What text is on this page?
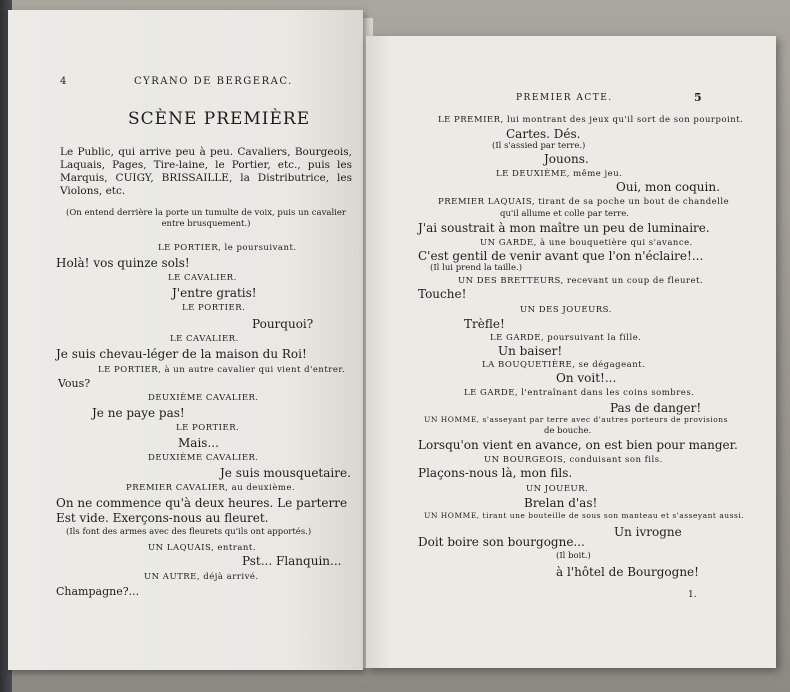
4	CYRANO DE BERGERAC.
SCÈNE PREMIÈRE
Le Public, qui arrive peu à peu. Cavaliers, Bourgeois, Laquais, Pages, Tire-laine, le Portier, etc., puis les Marquis, CUIGY, BRISSAILLE, la Distributrice, les Violons, etc.
(On entend derrière la porte un tumulte de voix, puis un cavalier entre brusquement.)
LE PORTIER, le poursuivant.
Holà! vos quinze sols!
LE CAVALIER.
J'entre gratis!
LE PORTIER.
Pourquoi?
LE CAVALIER.
Je suis chevau-léger de la maison du Roi!
LE PORTIER, à un autre cavalier qui vient d'entrer.
Vous?
DEUXIÈME CAVALIER.
Je ne paye pas!
LE PORTIER.
Mais...
DEUXIÈME CAVALIER.
Je suis mousquetaire.
PREMIER CAVALIER, au deuxième.
On ne commence qu'à deux heures. Le parterre
Est vide. Exerçons-nous au fleuret.
(Ils font des armes avec des fleurets qu'ils ont apportés.)
UN LAQUAIS, entrant.
Pst... Flanquin...
UN AUTRE, déjà arrivé.
Champagne?...
PREMIER ACTE.	5
LE PREMIER, lui montrant des jeux qu'il sort de son pourpoint.
Cartes. Dés.
(Il s'assied par terre.)
Jouons.
LE DEUXIÈME, même jeu.
Oui, mon coquin.
PREMIER LAQUAIS, tirant de sa poche un bout de chandelle
qu'il allume et colle par terre.
J'ai soustrait à mon maître un peu de luminaire.
UN GARDE, à une bouquetière qui s'avance.
C'est gentil de venir avant que l'on n'éclaire!...
(Il lui prend la taille.)
UN DES BRETTEURS, recevant un coup de fleuret.
Touche!
UN DES JOUEURS.
Trèfle!
LE GARDE, poursuivant la fille.
Un baiser!
LA BOUQUETIÈRE, se dégageant.
On voit!...
LE GARDE, l'entraînant dans les coins sombres.
Pas de danger!
UN HOMME, s'asseyant par terre avec d'autres porteurs de provisions
de bouche.
Lorsqu'on vient en avance, on est bien pour manger.
UN BOURGEOIS, conduisant son fils.
Plaçons-nous là, mon fils.
UN JOUEUR.
Brelan d'as!
UN HOMME, tirant une bouteille de sous son manteau et s'asseyant aussi.
Un ivrogne
Doit boire son bourgogne...
(Il boit.)
à l'hôtel de Bourgogne!
1.
